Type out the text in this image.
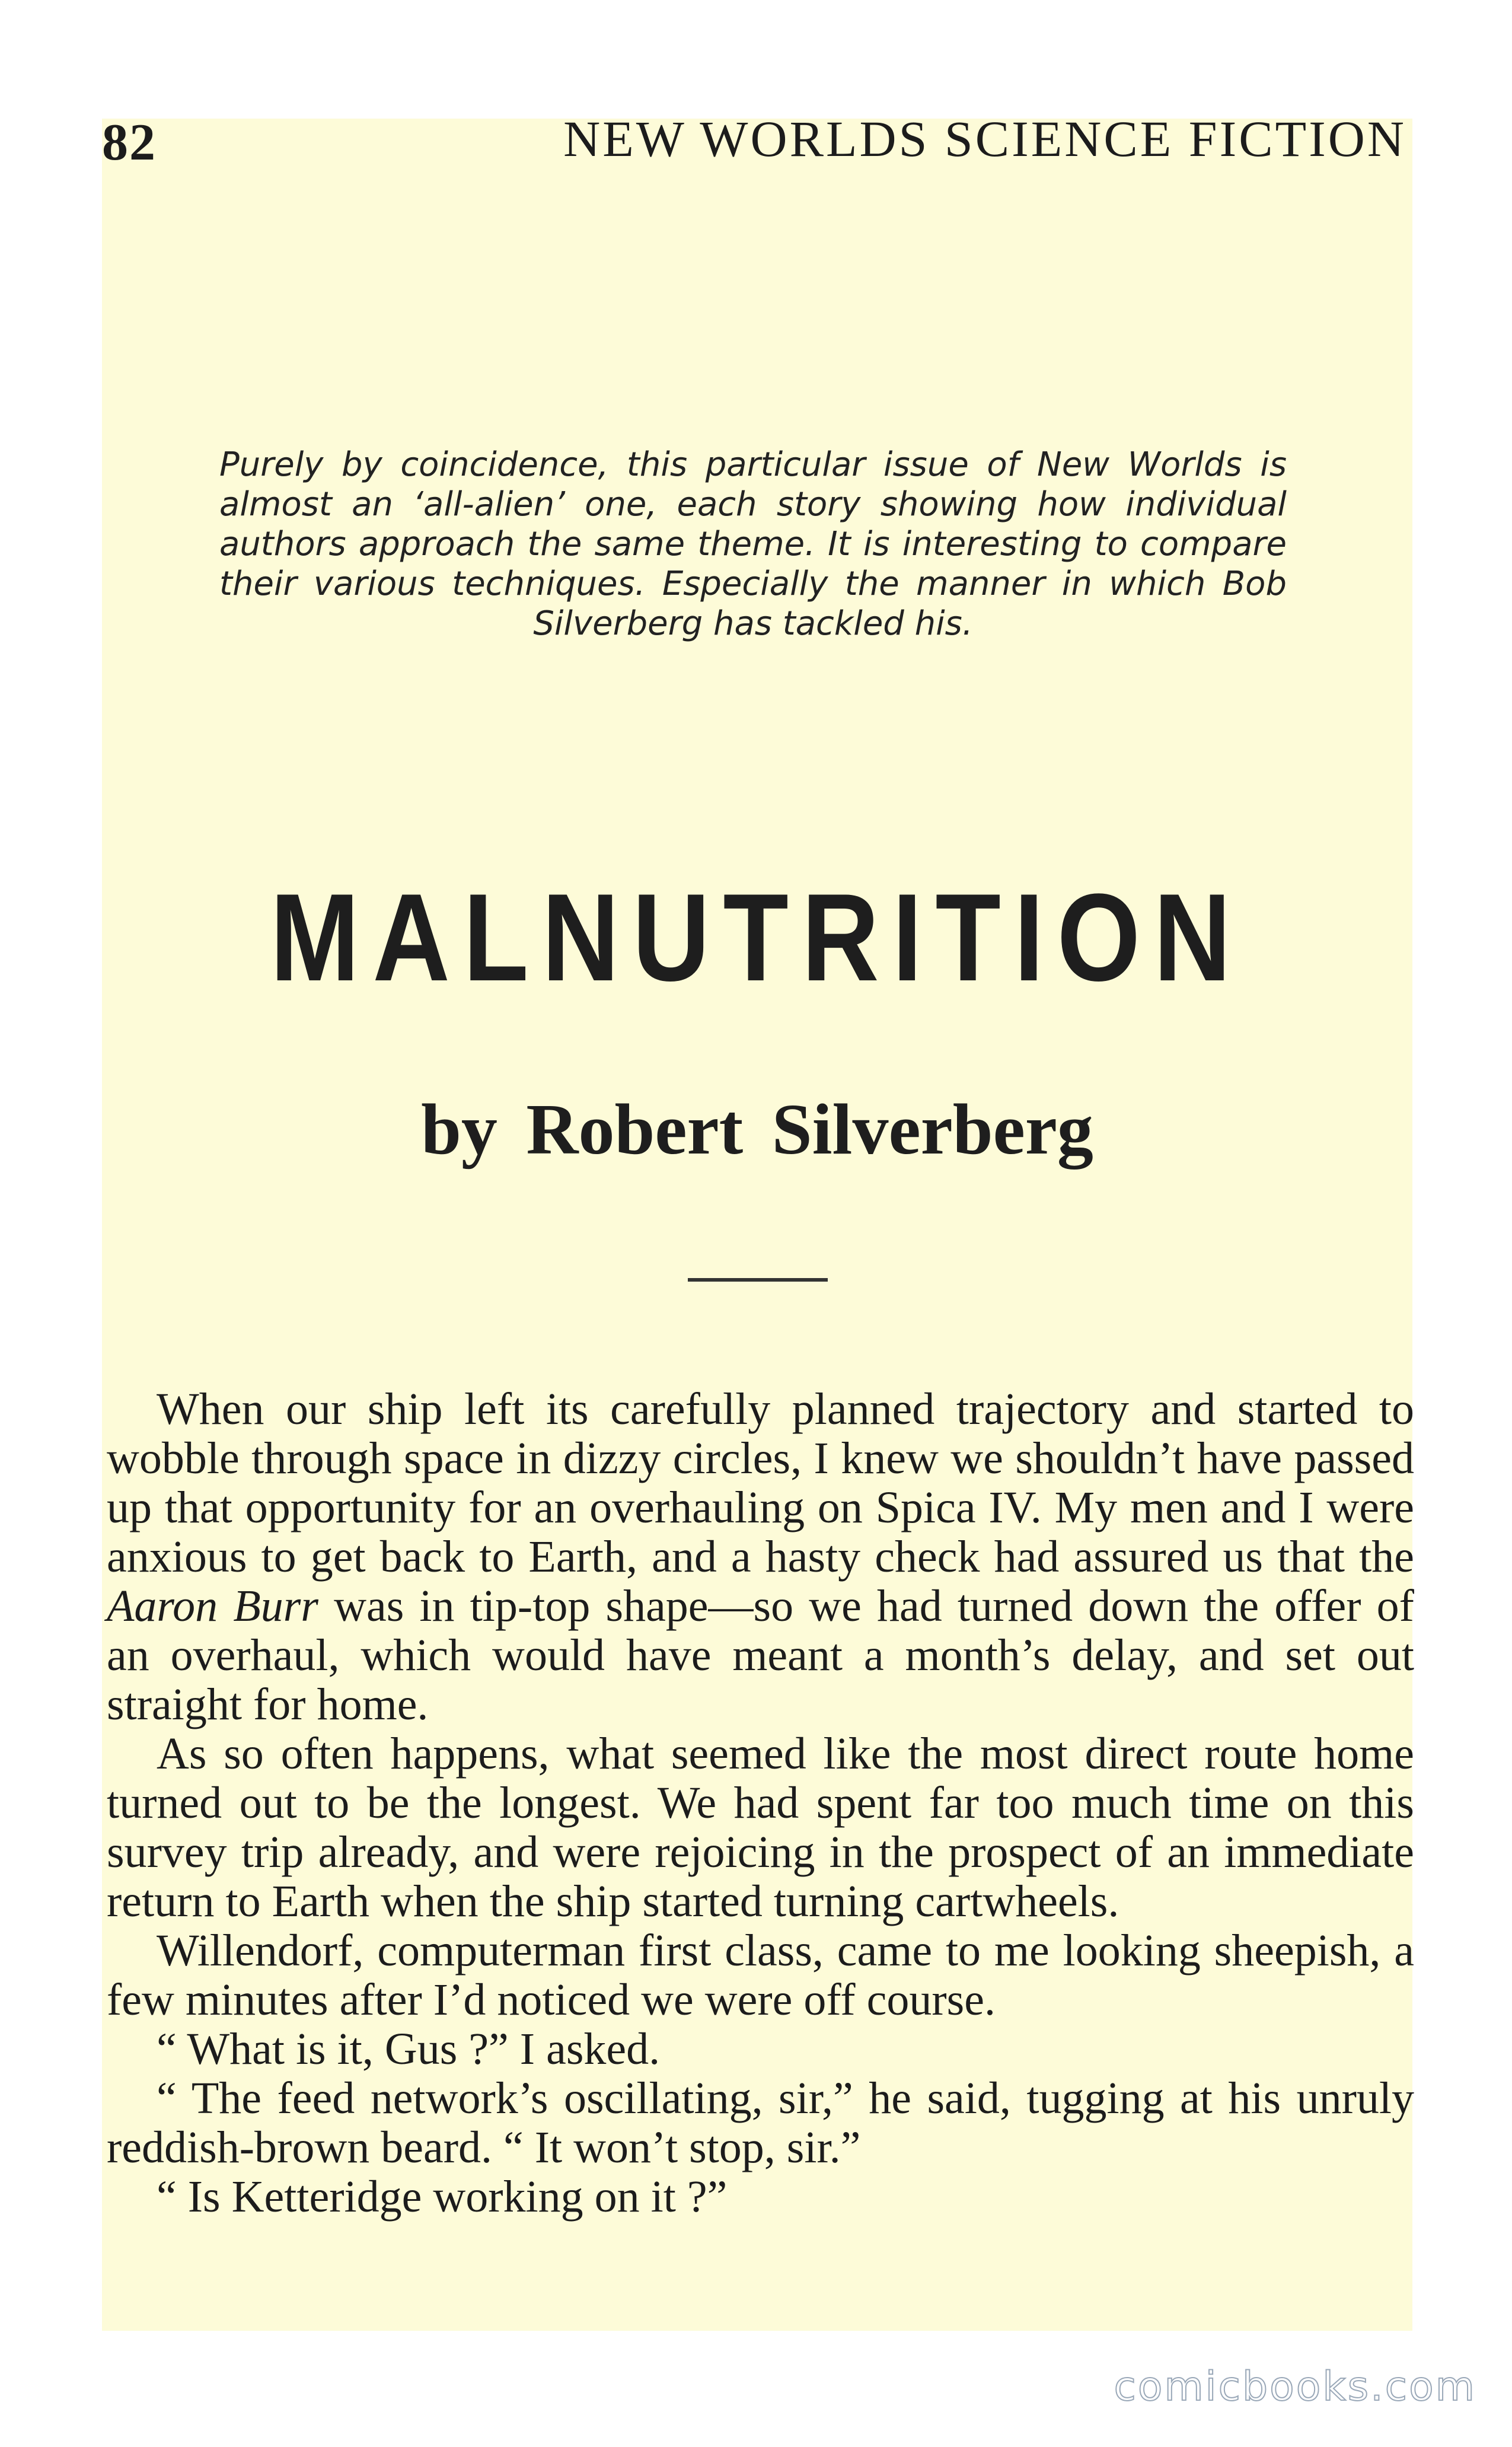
82	NEW WORLDS SCIENCE FICTION
Purely by coincidence, this particular issue of New Worlds is almost an ‘all-alien’ one, each story showing how individual authors approach the same theme. It is interesting to compare their various techniques. Especially the manner in which Bob Silverberg has tackled his.
MALNUTRITION
by Robert Silverberg

When our ship left its carefully planned trajectory and started to wobble through space in dizzy circles, I knew we shouldn’t have passed up that opportunity for an overhauling on Spica IV. My men and I were anxious to get back to Earth, and a hasty check had assured us that the Aaron Burr was in tip-top shape—so we had turned down the offer of an overhaul, which would have meant a month’s delay, and set out straight for home.

As so often happens, what seemed like the most direct route home turned out to be the longest. We had spent far too much time on this survey trip already, and were rejoicing in the prospect of an immediate return to Earth when the ship started turning cartwheels.

Willendorf, computerman first class, came to me looking sheepish, a few minutes after I’d noticed we were off course.

“ What is it, Gus ?” I asked.

“ The feed network’s oscillating, sir,” he said, tugging at his unruly reddish-brown beard. “ It won’t stop, sir.”

“ Is Ketteridge working on it ?”

comicbooks.com
